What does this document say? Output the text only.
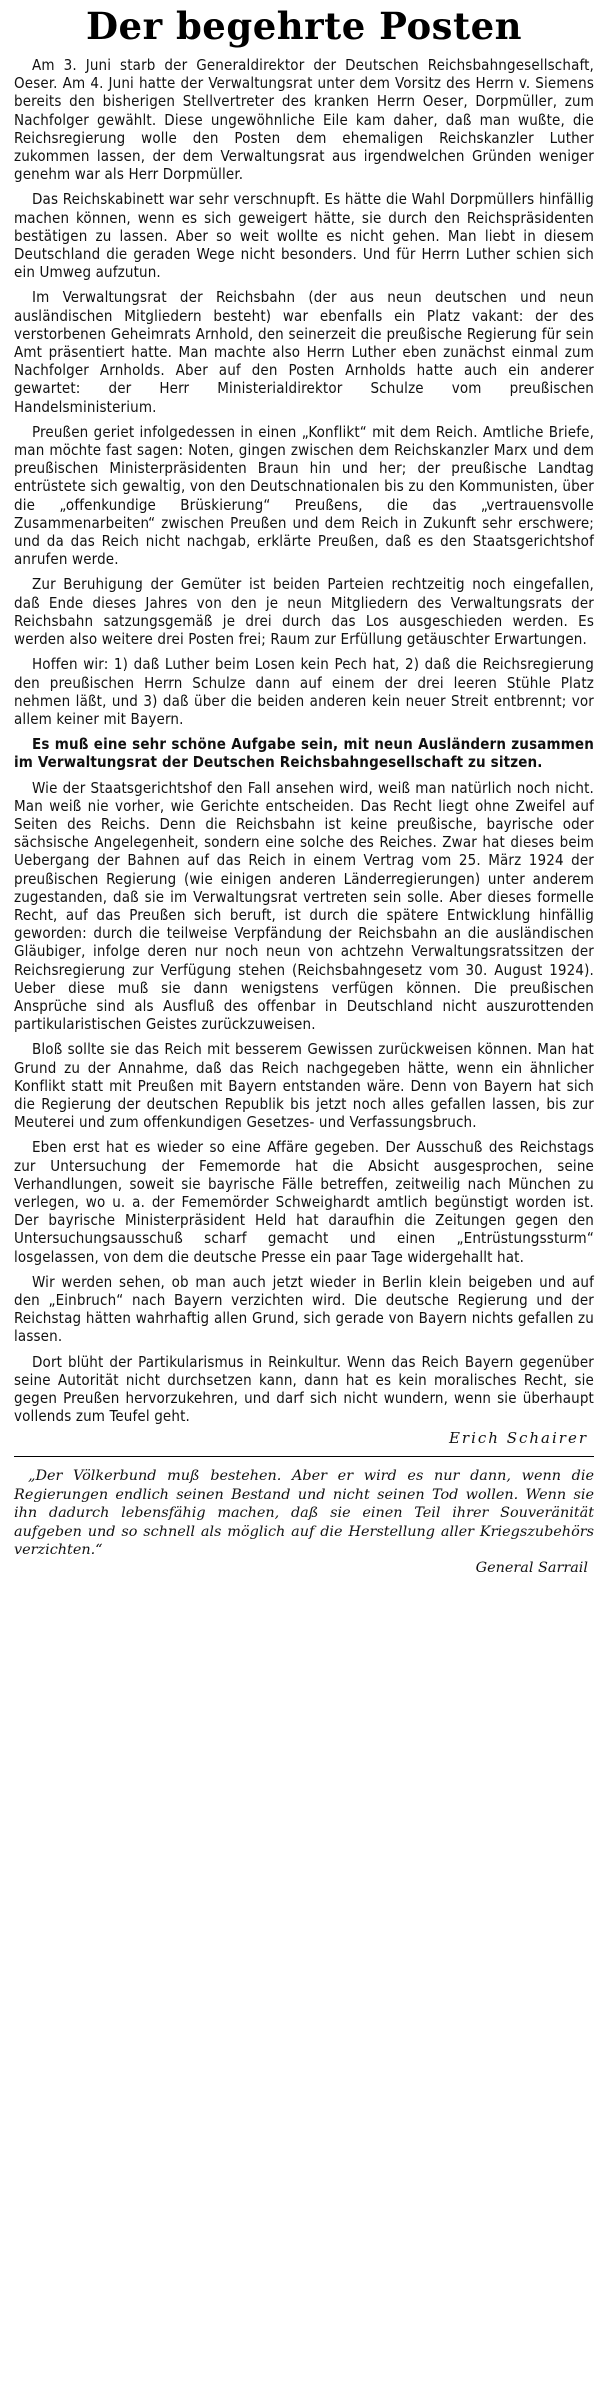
Der begehrte Posten

Am 3. Juni starb der Generaldirektor der Deutschen Reichsbahngesellschaft, Oeser. Am 4. Juni hatte der Verwaltungsrat unter dem Vorsitz des Herrn v. Siemens bereits den bisherigen Stellvertreter des kranken Herrn Oeser, Dorpmüller, zum Nachfolger gewählt. Diese ungewöhnliche Eile kam daher, daß man wußte, die Reichsregierung wolle den Posten dem ehemaligen Reichskanzler Luther zukommen lassen, der dem Verwaltungsrat aus irgendwelchen Gründen weniger genehm war als Herr Dorpmüller.

Das Reichskabinett war sehr verschnupft. Es hätte die Wahl Dorpmüllers hinfällig machen können, wenn es sich geweigert hätte, sie durch den Reichspräsidenten bestätigen zu lassen. Aber so weit wollte es nicht gehen. Man liebt in diesem Deutschland die geraden Wege nicht besonders. Und für Herrn Luther schien sich ein Umweg aufzutun.

Im Verwaltungsrat der Reichsbahn (der aus neun deutschen und neun ausländischen Mitgliedern besteht) war ebenfalls ein Platz vakant: der des verstorbenen Geheimrats Arnhold, den seinerzeit die preußische Regierung für sein Amt präsentiert hatte. Man machte also Herrn Luther eben zunächst einmal zum Nachfolger Arnholds. Aber auf den Posten Arnholds hatte auch ein anderer gewartet: der Herr Ministerialdirektor Schulze vom preußischen Handelsministerium.

Preußen geriet infolgedessen in einen „Konflikt“ mit dem Reich. Amtliche Briefe, man möchte fast sagen: Noten, gingen zwischen dem Reichskanzler Marx und dem preußischen Ministerpräsidenten Braun hin und her; der preußische Landtag entrüstete sich gewaltig, von den Deutschnationalen bis zu den Kommunisten, über die „offenkundige Brüskierung“ Preußens, die das „vertrauensvolle Zusammenarbeiten“ zwischen Preußen und dem Reich in Zukunft sehr erschwere; und da das Reich nicht nachgab, erklärte Preußen, daß es den Staatsgerichtshof anrufen werde.

Zur Beruhigung der Gemüter ist beiden Parteien rechtzeitig noch eingefallen, daß Ende dieses Jahres von den je neun Mitgliedern des Verwaltungsrats der Reichsbahn satzungsgemäß je drei durch das Los ausgeschieden werden. Es werden also weitere drei Posten frei; Raum zur Erfüllung getäuschter Erwartungen.

Hoffen wir: 1) daß Luther beim Losen kein Pech hat, 2) daß die Reichsregierung den preußischen Herrn Schulze dann auf einem der drei leeren Stühle Platz nehmen läßt, und 3) daß über die beiden anderen kein neuer Streit entbrennt; vor allem keiner mit Bayern.

Es muß eine sehr schöne Aufgabe sein, mit neun Ausländern zusammen im Verwaltungsrat der Deutschen Reichsbahngesellschaft zu sitzen.

Wie der Staatsgerichtshof den Fall ansehen wird, weiß man natürlich noch nicht. Man weiß nie vorher, wie Gerichte entscheiden. Das Recht liegt ohne Zweifel auf Seiten des Reichs. Denn die Reichsbahn ist keine preußische, bayrische oder sächsische Angelegenheit, sondern eine solche des Reiches. Zwar hat dieses beim Uebergang der Bahnen auf das Reich in einem Vertrag vom 25. März 1924 der preußischen Regierung (wie einigen anderen Länderregierungen) unter anderem zugestanden, daß sie im Verwaltungsrat vertreten sein solle. Aber dieses formelle Recht, auf das Preußen sich beruft, ist durch die spätere Entwicklung hinfällig geworden: durch die teilweise Verpfändung der Reichsbahn an die ausländischen Gläubiger, infolge deren nur noch neun von achtzehn Verwaltungsratssitzen der Reichsregierung zur Verfügung stehen (Reichsbahngesetz vom 30. August 1924). Ueber diese muß sie dann wenigstens verfügen können. Die preußischen Ansprüche sind als Ausfluß des offenbar in Deutschland nicht auszurottenden partikularistischen Geistes zurückzuweisen.

Bloß sollte sie das Reich mit besserem Gewissen zurückweisen können. Man hat Grund zu der Annahme, daß das Reich nachgegeben hätte, wenn ein ähnlicher Konflikt statt mit Preußen mit Bayern entstanden wäre. Denn von Bayern hat sich die Regierung der deutschen Republik bis jetzt noch alles gefallen lassen, bis zur Meuterei und zum offenkundigen Gesetzes- und Verfassungsbruch.

Eben erst hat es wieder so eine Affäre gegeben. Der Ausschuß des Reichstags zur Untersuchung der Fememorde hat die Absicht ausgesprochen, seine Verhandlungen, soweit sie bayrische Fälle betreffen, zeitweilig nach München zu verlegen, wo u. a. der Fememörder Schweighardt amtlich begünstigt worden ist. Der bayrische Ministerpräsident Held hat daraufhin die Zeitungen gegen den Untersuchungsausschuß scharf gemacht und einen „Entrüstungssturm“ losgelassen, von dem die deutsche Presse ein paar Tage widergehallt hat.

Wir werden sehen, ob man auch jetzt wieder in Berlin klein beigeben und auf den „Einbruch“ nach Bayern verzichten wird. Die deutsche Regierung und der Reichstag hätten wahrhaftig allen Grund, sich gerade von Bayern nichts gefallen zu lassen.

Dort blüht der Partikularismus in Reinkultur. Wenn das Reich Bayern gegenüber seine Autorität nicht durchsetzen kann, dann hat es kein moralisches Recht, sie gegen Preußen hervorzukehren, und darf sich nicht wundern, wenn sie überhaupt vollends zum Teufel geht.

Erich Schairer

„Der Völkerbund muß bestehen. Aber er wird es nur dann, wenn die Regierungen endlich seinen Bestand und nicht seinen Tod wollen. Wenn sie ihn dadurch lebensfähig machen, daß sie einen Teil ihrer Souveränität aufgeben und so schnell als möglich auf die Herstellung aller Kriegszubehörs verzichten.“

General Sarrail
